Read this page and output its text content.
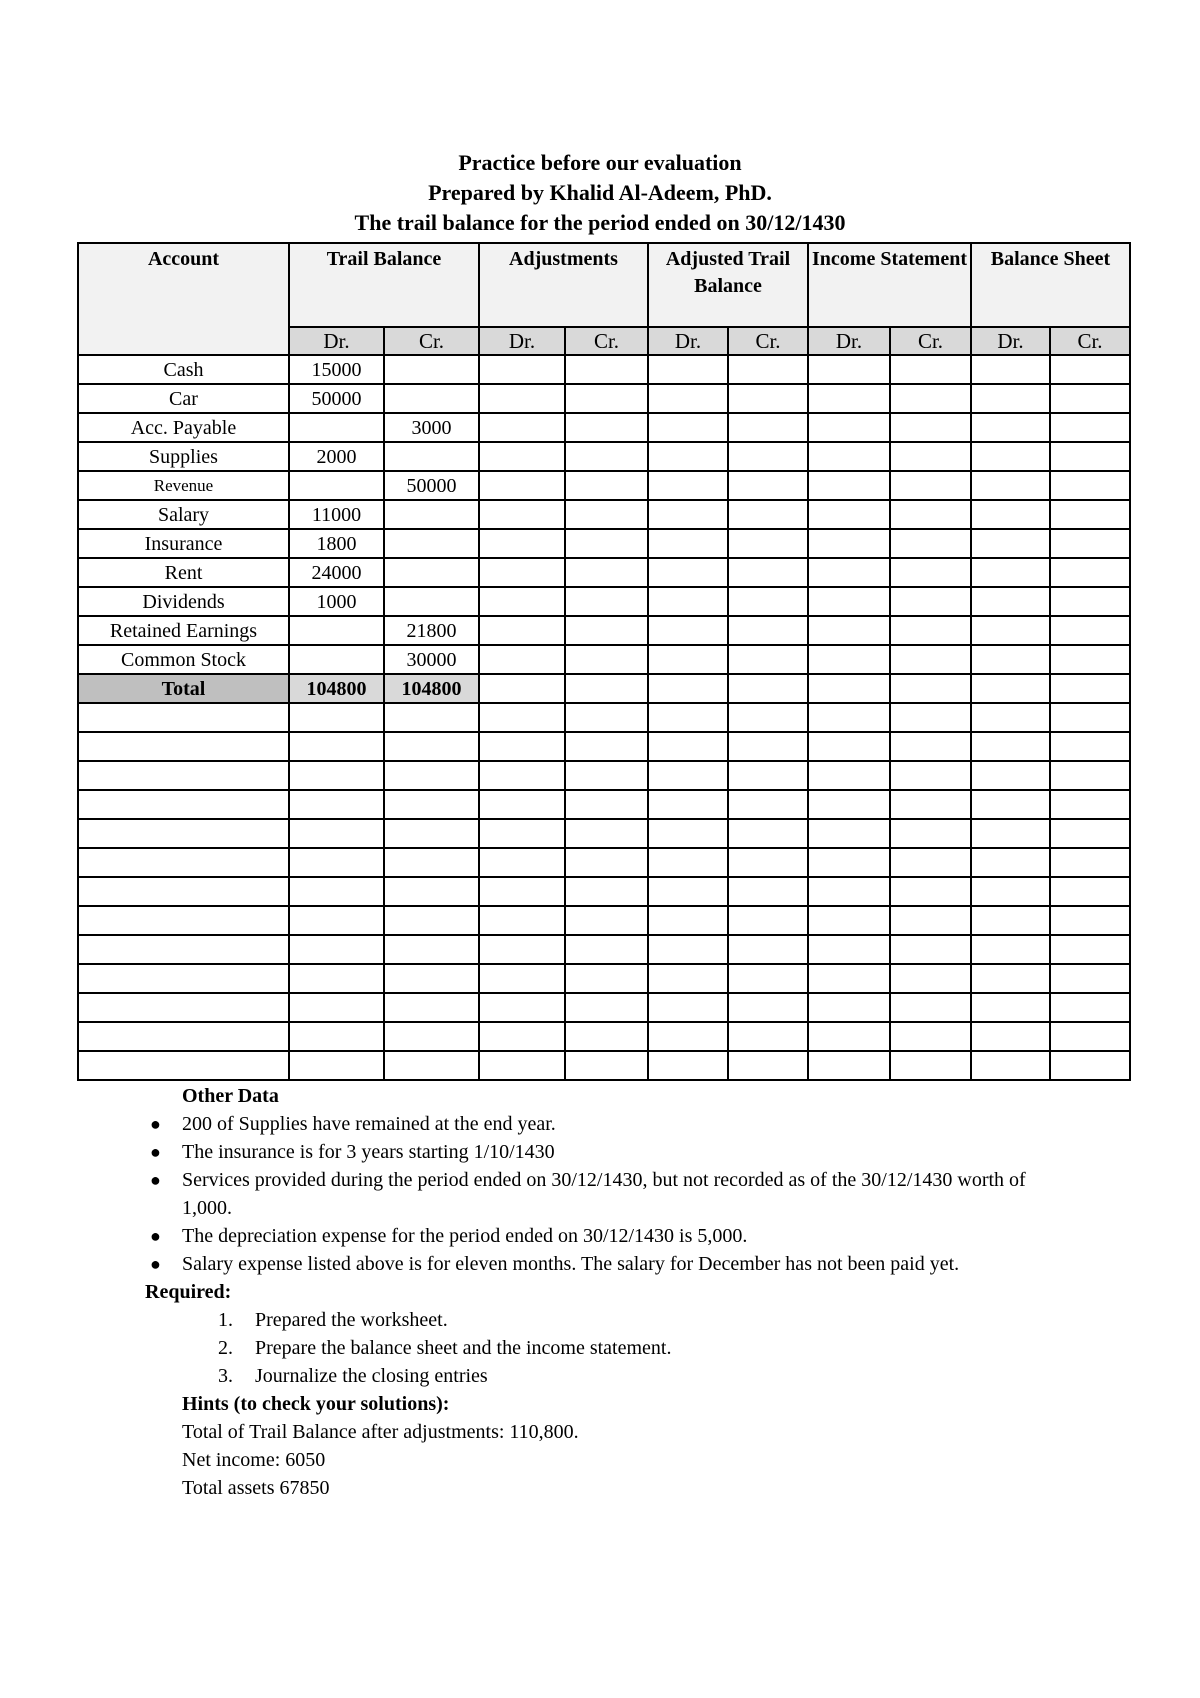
Practice before our evaluation
Prepared by Khalid Al-Adeem, PhD.
The trail balance for the period ended on 30/12/1430
Account	Trail Balance		Adjustments		Adjusted Trail Balance		Income Statement		Balance Sheet	
	Dr.	Cr.	Dr.	Cr.	Dr.	Cr.	Dr.	Cr.	Dr.	Cr.
Cash	15000									
Car	50000									
Acc. Payable		3000								
Supplies	2000									
Revenue		50000								
Salary	11000									
Insurance	1800									
Rent	24000									
Dividends	1000									
Retained Earnings		21800								
Common Stock		30000								
Total	104800	104800								

Other Data
● 200 of Supplies have remained at the end year.
● The insurance is for 3 years starting 1/10/1430
● Services provided during the period ended on 30/12/1430, but not recorded as of the 30/12/1430 worth of 1,000.
● The depreciation expense for the period ended on 30/12/1430 is 5,000.
● Salary expense listed above is for eleven months. The salary for December has not been paid yet.
Required:
1. Prepared the worksheet.
2. Prepare the balance sheet and the income statement.
3. Journalize the closing entries
Hints (to check your solutions):
Total of Trail Balance after adjustments: 110,800.
Net income: 6050
Total assets 67850
